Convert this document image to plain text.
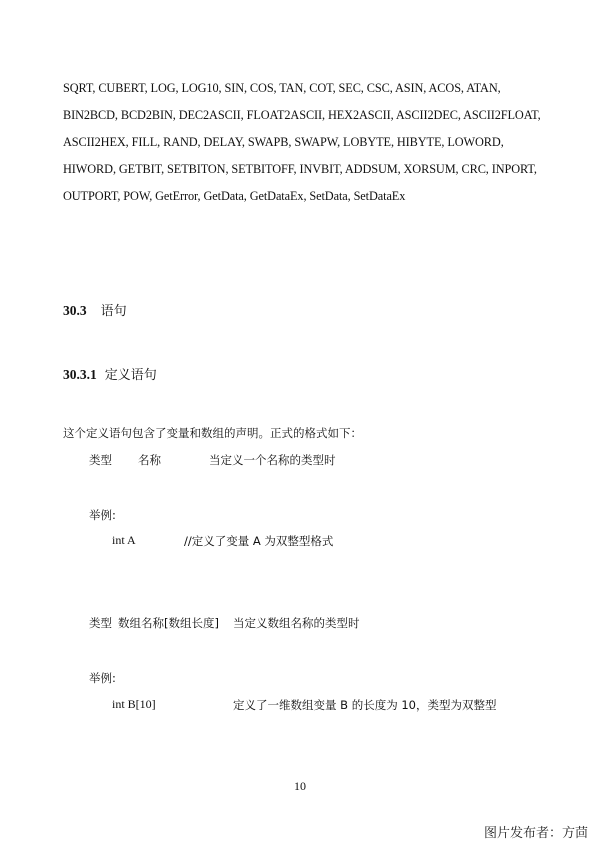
SQRT, CUBERT, LOG, LOG10, SIN, COS, TAN, COT, SEC, CSC, ASIN, ACOS, ATAN,
BIN2BCD, BCD2BIN, DEC2ASCII, FLOAT2ASCII, HEX2ASCII, ASCII2DEC, ASCII2FLOAT,
ASCII2HEX, FILL, RAND, DELAY, SWAPB, SWAPW, LOBYTE, HIBYTE, LOWORD,
HIWORD, GETBIT, SETBITON, SETBITOFF, INVBIT, ADDSUM, XORSUM, CRC, INPORT,
OUTPORT, POW, GetError, GetData, GetDataEx, SetData, SetDataEx
30.3 语句
30.3.1 定义语句
这个定义语句包含了变量和数组的声明。正式的格式如下：
类型 名称	当定义一个名称的类型时
举例:
int A	//定义了变量 A 为双整型格式
类型 数组名称[数组长度] 当定义数组名称的类型时
举例:
int B[10]	定义了一维数组变量 B 的长度为 10，类型为双整型
10
图片发布者：方茴
